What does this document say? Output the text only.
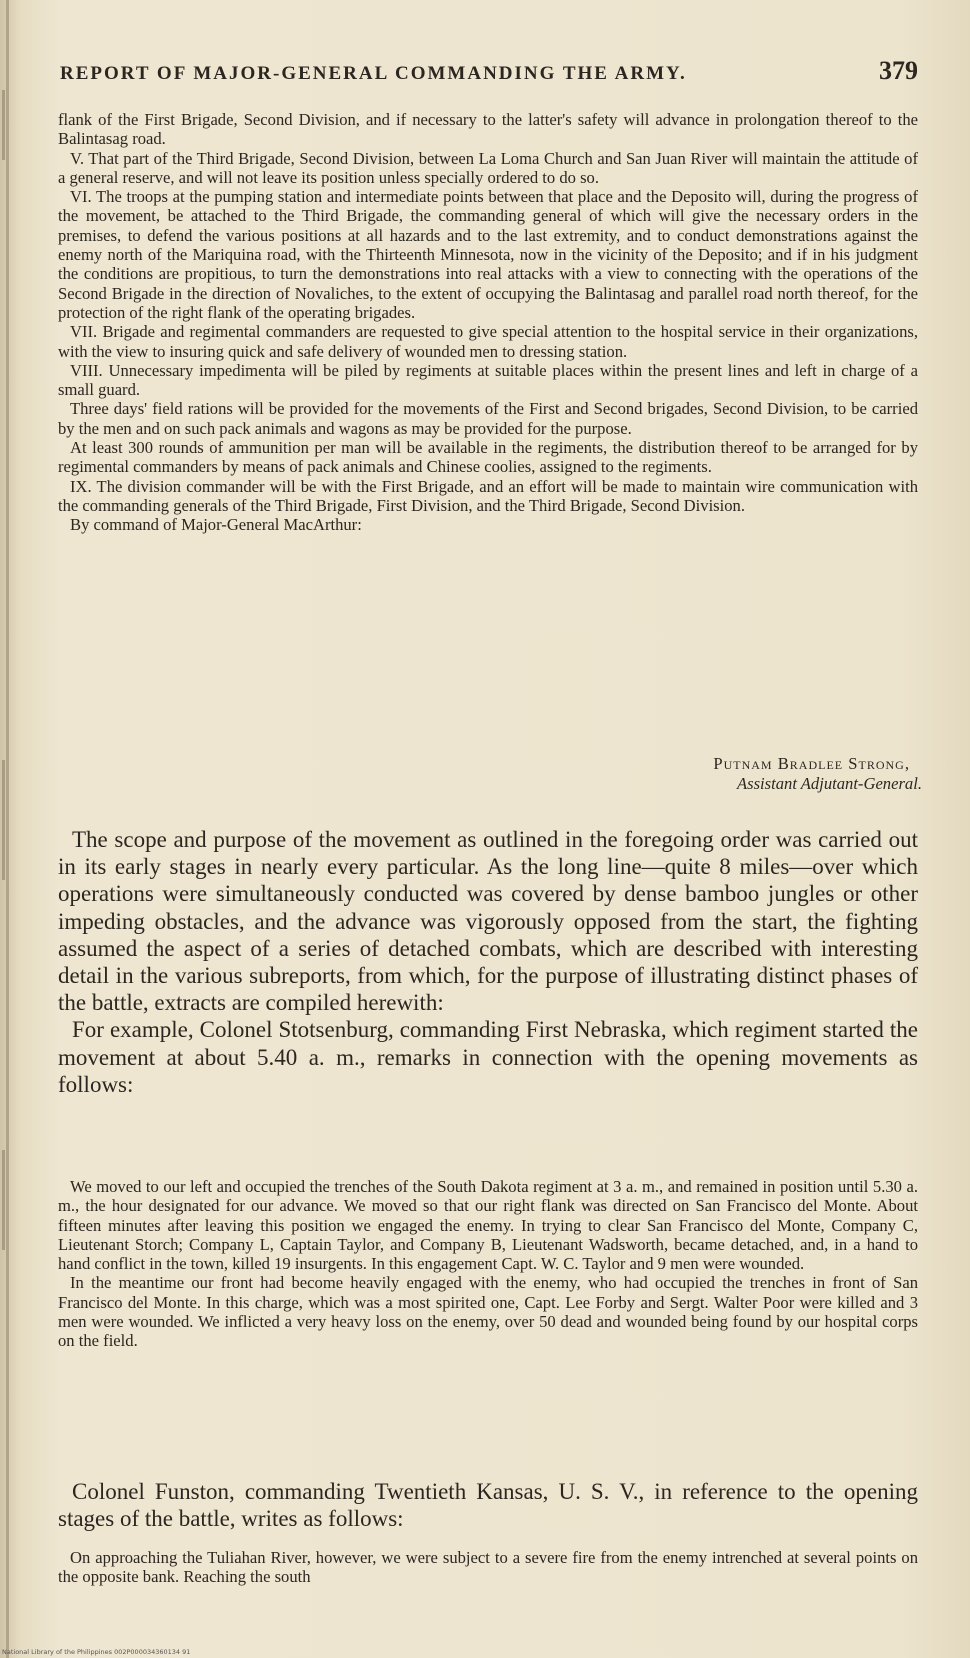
REPORT OF MAJOR-GENERAL COMMANDING THE ARMY.	379

flank of the First Brigade, Second Division, and if necessary to the latter's safety will advance in prolongation thereof to the Balintasag road.

V. That part of the Third Brigade, Second Division, between La Loma Church and San Juan River will maintain the attitude of a general reserve, and will not leave its position unless specially ordered to do so.

VI. The troops at the pumping station and intermediate points between that place and the Deposito will, during the progress of the movement, be attached to the Third Brigade, the commanding general of which will give the necessary orders in the premises, to defend the various positions at all hazards and to the last extremity, and to conduct demonstrations against the enemy north of the Mariquina road, with the Thirteenth Minnesota, now in the vicinity of the Deposito; and if in his judgment the conditions are propitious, to turn the demonstrations into real attacks with a view to connecting with the operations of the Second Brigade in the direction of Novaliches, to the extent of occupying the Balintasag and parallel road north thereof, for the protection of the right flank of the operating brigades.

VII. Brigade and regimental commanders are requested to give special attention to the hospital service in their organizations, with the view to insuring quick and safe delivery of wounded men to dressing station.

VIII. Unnecessary impedimenta will be piled by regiments at suitable places within the present lines and left in charge of a small guard.

Three days' field rations will be provided for the movements of the First and Second brigades, Second Division, to be carried by the men and on such pack animals and wagons as may be provided for the purpose.

At least 300 rounds of ammunition per man will be available in the regiments, the distribution thereof to be arranged for by regimental commanders by means of pack animals and Chinese coolies, assigned to the regiments.

IX. The division commander will be with the First Brigade, and an effort will be made to maintain wire communication with the commanding generals of the Third Brigade, First Division, and the Third Brigade, Second Division.

By command of Major-General MacArthur:

Putnam Bradlee Strong,
Assistant Adjutant-General.

The scope and purpose of the movement as outlined in the foregoing order was carried out in its early stages in nearly every particular. As the long line—quite 8 miles—over which operations were simultaneously conducted was covered by dense bamboo jungles or other impeding obstacles, and the advance was vigorously opposed from the start, the fighting assumed the aspect of a series of detached combats, which are described with interesting detail in the various subreports, from which, for the purpose of illustrating distinct phases of the battle, extracts are compiled herewith:

For example, Colonel Stotsenburg, commanding First Nebraska, which regiment started the movement at about 5.40 a. m., remarks in connection with the opening movements as follows:

We moved to our left and occupied the trenches of the South Dakota regiment at 3 a. m., and remained in position until 5.30 a. m., the hour designated for our advance. We moved so that our right flank was directed on San Francisco del Monte. About fifteen minutes after leaving this position we engaged the enemy. In trying to clear San Francisco del Monte, Company C, Lieutenant Storch; Company L, Captain Taylor, and Company B, Lieutenant Wadsworth, became detached, and, in a hand to hand conflict in the town, killed 19 insurgents. In this engagement Capt. W. C. Taylor and 9 men were wounded.

In the meantime our front had become heavily engaged with the enemy, who had occupied the trenches in front of San Francisco del Monte. In this charge, which was a most spirited one, Capt. Lee Forby and Sergt. Walter Poor were killed and 3 men were wounded. We inflicted a very heavy loss on the enemy, over 50 dead and wounded being found by our hospital corps on the field.

Colonel Funston, commanding Twentieth Kansas, U. S. V., in reference to the opening stages of the battle, writes as follows:

On approaching the Tuliahan River, however, we were subject to a severe fire from the enemy intrenched at several points on the opposite bank. Reaching the south

National Library of the Philippines 002P000034360134 91
